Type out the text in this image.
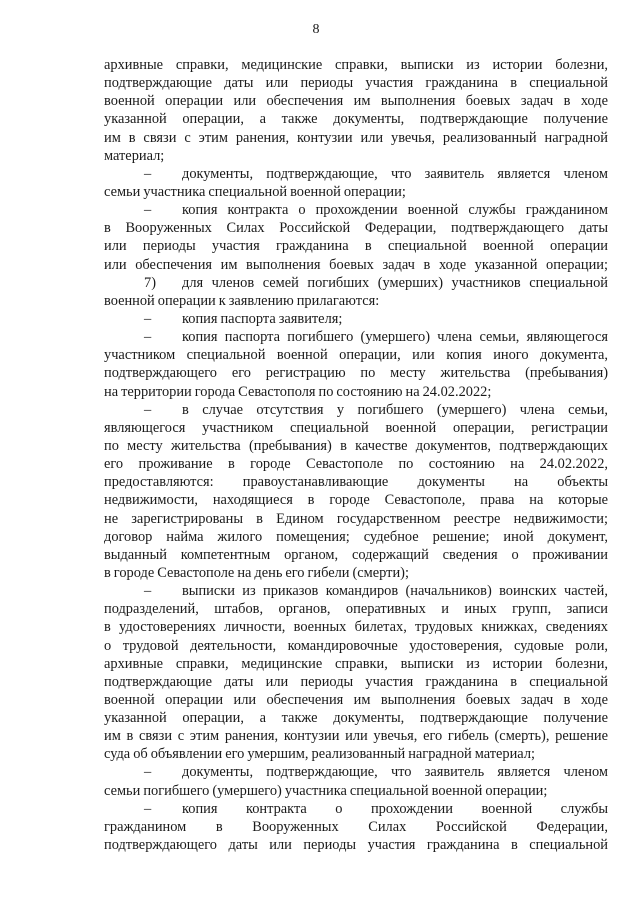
8
архивные справки, медицинские справки, выписки из истории болезни,
подтверждающие даты или периоды участия гражданина в специальной
военной операции или обеспечения им выполнения боевых задач в ходе
указанной операции, а также документы, подтверждающие получение
им в связи с этим ранения, контузии или увечья, реализованный наградной
материал;
–	документы, подтверждающие, что заявитель является членом
семьи участника специальной военной операции;
–	копия контракта о прохождении военной службы гражданином
в Вооруженных Силах Российской Федерации, подтверждающего даты
или периоды участия гражданина в специальной военной операции
или обеспечения им выполнения боевых задач в ходе указанной операции;
7)	для членов семей погибших (умерших) участников специальной
военной операции к заявлению прилагаются:
–	копия паспорта заявителя;
–	копия паспорта погибшего (умершего) члена семьи, являющегося
участником специальной военной операции, или копия иного документа,
подтверждающего его регистрацию по месту жительства (пребывания)
на территории города Севастополя по состоянию на 24.02.2022;
–	в случае отсутствия у погибшего (умершего) члена семьи,
являющегося участником специальной военной операции, регистрации
по месту жительства (пребывания) в качестве документов, подтверждающих
его проживание в городе Севастополе по состоянию на 24.02.2022,
предоставляются: правоустанавливающие документы на объекты
недвижимости, находящиеся в городе Севастополе, права на которые
не зарегистрированы в Едином государственном реестре недвижимости;
договор найма жилого помещения; судебное решение; иной документ,
выданный компетентным органом, содержащий сведения о проживании
в городе Севастополе на день его гибели (смерти);
–	выписки из приказов командиров (начальников) воинских частей,
подразделений, штабов, органов, оперативных и иных групп, записи
в удостоверениях личности, военных билетах, трудовых книжках, сведениях
о трудовой деятельности, командировочные удостоверения, судовые роли,
архивные справки, медицинские справки, выписки из истории болезни,
подтверждающие даты или периоды участия гражданина в специальной
военной операции или обеспечения им выполнения боевых задач в ходе
указанной операции, а также документы, подтверждающие получение
им в связи с этим ранения, контузии или увечья, его гибель (смерть), решение
суда об объявлении его умершим, реализованный наградной материал;
–	документы, подтверждающие, что заявитель является членом
семьи погибшего (умершего) участника специальной военной операции;
–	копия контракта о прохождении военной службы
гражданином в Вооруженных Силах Российской Федерации,
подтверждающего даты или периоды участия гражданина в специальной
